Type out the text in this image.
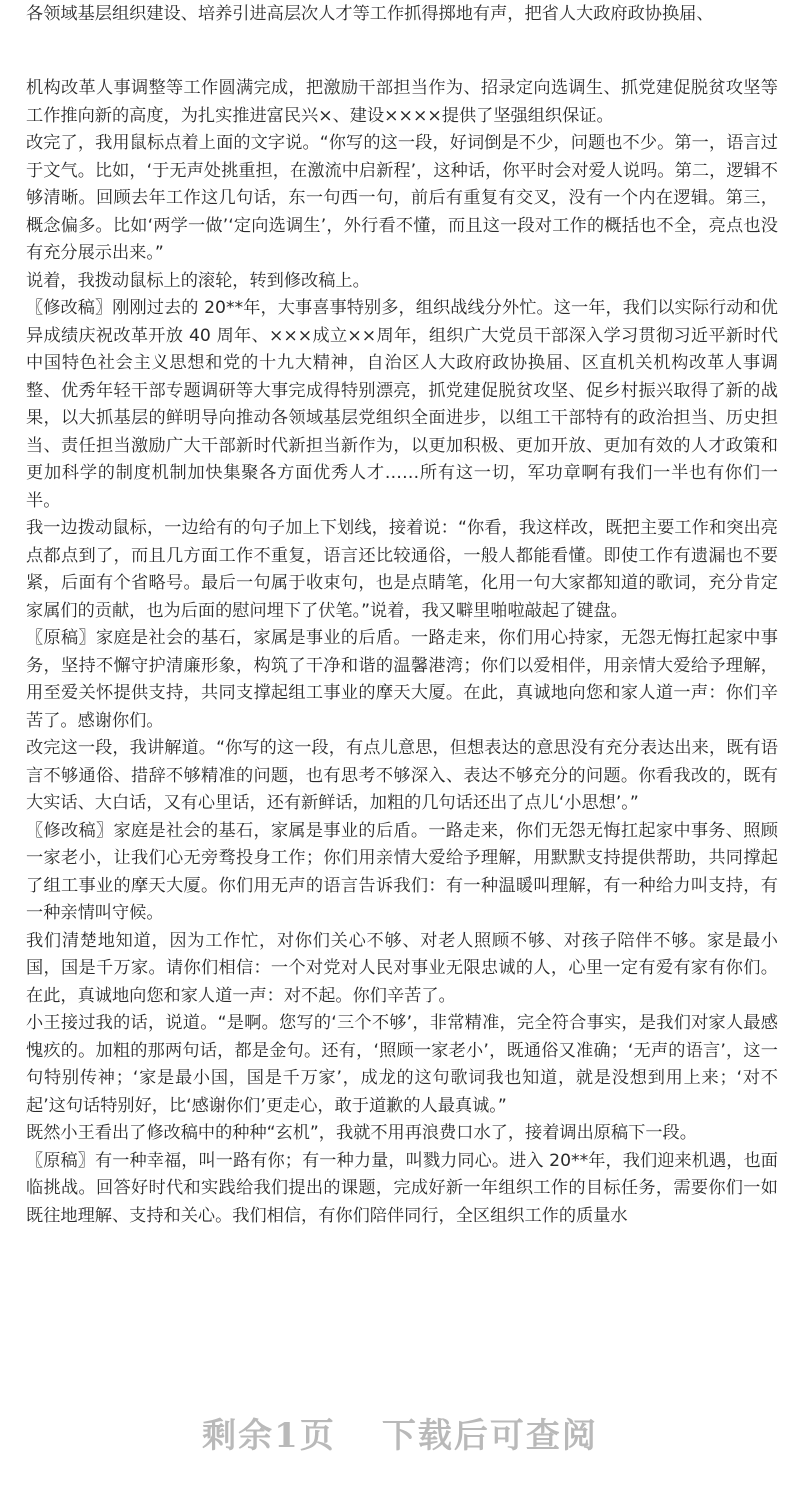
各领域基层组织建设、培养引进高层次人才等工作抓得掷地有声，把省人大政府政协换届、

机构改革人事调整等工作圆满完成，把激励干部担当作为、招录定向选调生、抓党建促脱贫攻坚等工作推向新的高度，为扎实推进富民兴×、建设××××提供了坚强组织保证。

改完了，我用鼠标点着上面的文字说。“你写的这一段，好词倒是不少，问题也不少。第一，语言过于文气。比如，‘于无声处挑重担，在激流中启新程’，这种话，你平时会对爱人说吗。第二，逻辑不够清晰。回顾去年工作这几句话，东一句西一句，前后有重复有交叉，没有一个内在逻辑。第三，概念偏多。比如‘两学一做’‘定向选调生’，外行看不懂，而且这一段对工作的概括也不全，亮点也没有充分展示出来。”

说着，我拨动鼠标上的滚轮，转到修改稿上。

〖修改稿〗刚刚过去的 20**年，大事喜事特别多，组织战线分外忙。这一年，我们以实际行动和优异成绩庆祝改革开放 40 周年、×××成立××周年，组织广大党员干部深入学习贯彻习近平新时代中国特色社会主义思想和党的十九大精神，自治区人大政府政协换届、区直机关机构改革人事调整、优秀年轻干部专题调研等大事完成得特别漂亮，抓党建促脱贫攻坚、促乡村振兴取得了新的战果，以大抓基层的鲜明导向推动各领域基层党组织全面进步，以组工干部特有的政治担当、历史担当、责任担当激励广大干部新时代新担当新作为，以更加积极、更加开放、更加有效的人才政策和更加科学的制度机制加快集聚各方面优秀人才……所有这一切，军功章啊有我们一半也有你们一半。

我一边拨动鼠标，一边给有的句子加上下划线，接着说：“你看，我这样改，既把主要工作和突出亮点都点到了，而且几方面工作不重复，语言还比较通俗，一般人都能看懂。即使工作有遗漏也不要紧，后面有个省略号。最后一句属于收束句，也是点睛笔，化用一句大家都知道的歌词，充分肯定家属们的贡献，也为后面的慰问埋下了伏笔。”说着，我又噼里啪啦敲起了键盘。

〖原稿〗家庭是社会的基石，家属是事业的后盾。一路走来，你们用心持家，无怨无悔扛起家中事务，坚持不懈守护清廉形象，构筑了干净和谐的温馨港湾；你们以爱相伴，用亲情大爱给予理解，用至爱关怀提供支持，共同支撑起组工事业的摩天大厦。在此，真诚地向您和家人道一声：你们辛苦了。感谢你们。

改完这一段，我讲解道。“你写的这一段，有点儿意思，但想表达的意思没有充分表达出来，既有语言不够通俗、措辞不够精准的问题，也有思考不够深入、表达不够充分的问题。你看我改的，既有大实话、大白话，又有心里话，还有新鲜话，加粗的几句话还出了点儿‘小思想’。”

〖修改稿〗家庭是社会的基石，家属是事业的后盾。一路走来，你们无怨无悔扛起家中事务、照顾一家老小，让我们心无旁骛投身工作；你们用亲情大爱给予理解，用默默支持提供帮助，共同撑起了组工事业的摩天大厦。你们用无声的语言告诉我们：有一种温暖叫理解，有一种给力叫支持，有一种亲情叫守候。

我们清楚地知道，因为工作忙，对你们关心不够、对老人照顾不够、对孩子陪伴不够。家是最小国，国是千万家。请你们相信：一个对党对人民对事业无限忠诚的人，心里一定有爱有家有你们。在此，真诚地向您和家人道一声：对不起。你们辛苦了。

小王接过我的话，说道。“是啊。您写的‘三个不够’，非常精准，完全符合事实，是我们对家人最感愧疚的。加粗的那两句话，都是金句。还有，‘照顾一家老小’，既通俗又准确；‘无声的语言’，这一句特别传神；‘家是最小国，国是千万家’，成龙的这句歌词我也知道，就是没想到用上来；‘对不起’这句话特别好，比‘感谢你们’更走心，敢于道歉的人最真诚。”

既然小王看出了修改稿中的种种“玄机”，我就不用再浪费口水了，接着调出原稿下一段。

〖原稿〗有一种幸福，叫一路有你；有一种力量，叫戮力同心。进入 20**年，我们迎来机遇，也面临挑战。回答好时代和实践给我们提出的课题，完成好新一年组织工作的目标任务，需要你们一如既往地理解、支持和关心。我们相信，有你们陪伴同行，全区组织工作的质量水

剩余1页 下载后可查阅
